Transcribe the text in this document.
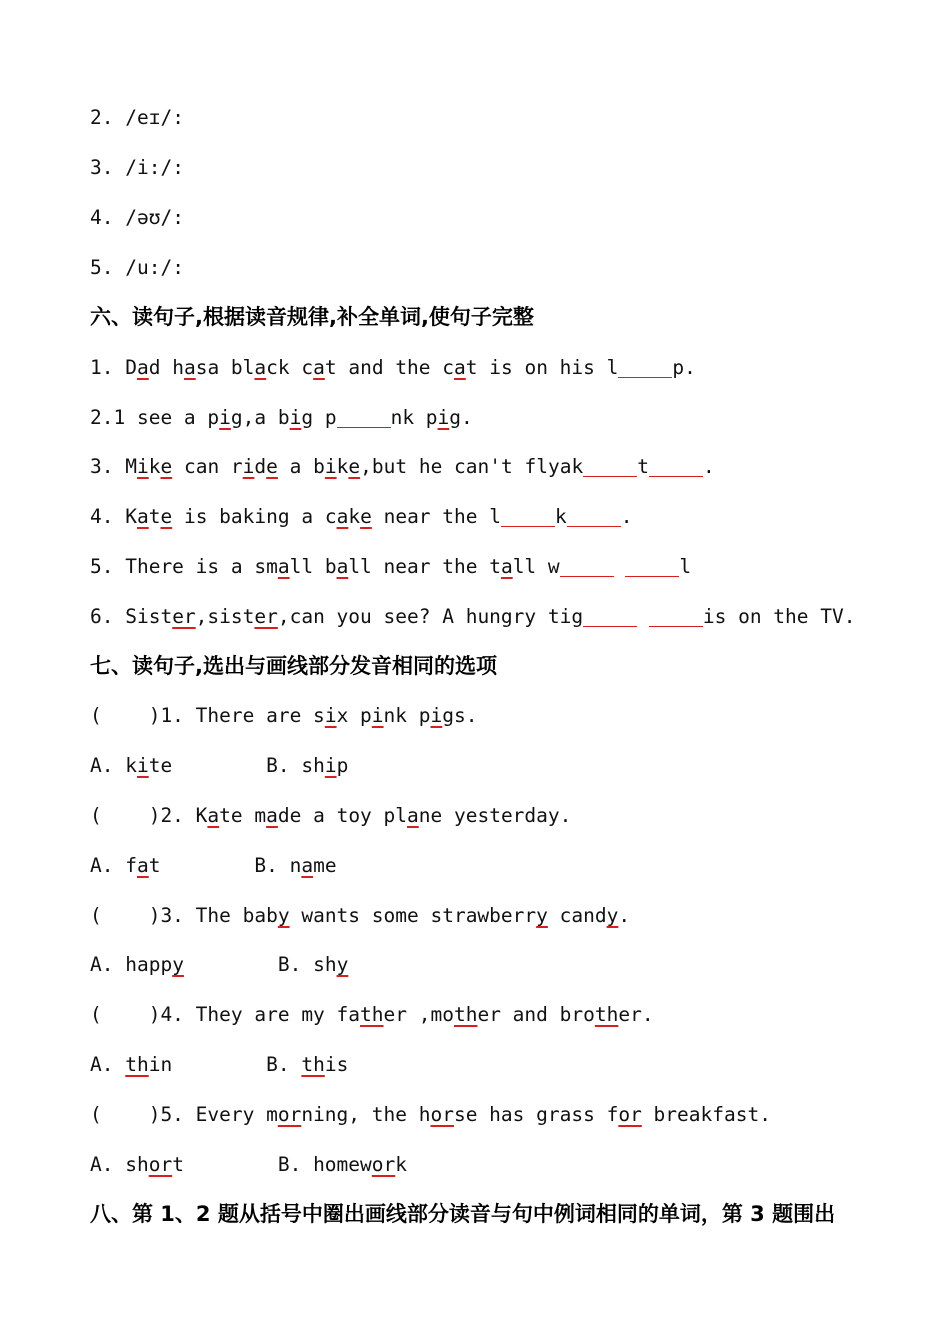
2. /eɪ/:
3. /i:/:
4. /əʊ/:
5. /u:/:
六、读句子,根据读音规律,补全单词,使句子完整
1. Dad hasa black cat and the cat is on his l	p.
2.1 see a pig,a big p	nk pig.
3. Mike can ride a bike,but he can't flyak	t	.
4. Kate is baking a cake near the l	k	.
5. There is a small ball near the tall w	l
6. Sister,sister,can you see? A hungry tig	is on the TV.
七、读句子,选出与画线部分发音相同的选项
(    )1. There are six pink pigs.
A. kite        B. ship
(    )2. Kate made a toy plane yesterday.
A. fat        B. name
(    )3. The baby wants some strawberry candy.
A. happy        B. shy
(    )4. They are my father ,mother and brother.
A. thin        B. this
(    )5. Every morning, the horse has grass for breakfast.
A. short        B. homework
八、第 1、2 题从括号中圈出画线部分读音与句中例词相同的单词，第 3 题围出
